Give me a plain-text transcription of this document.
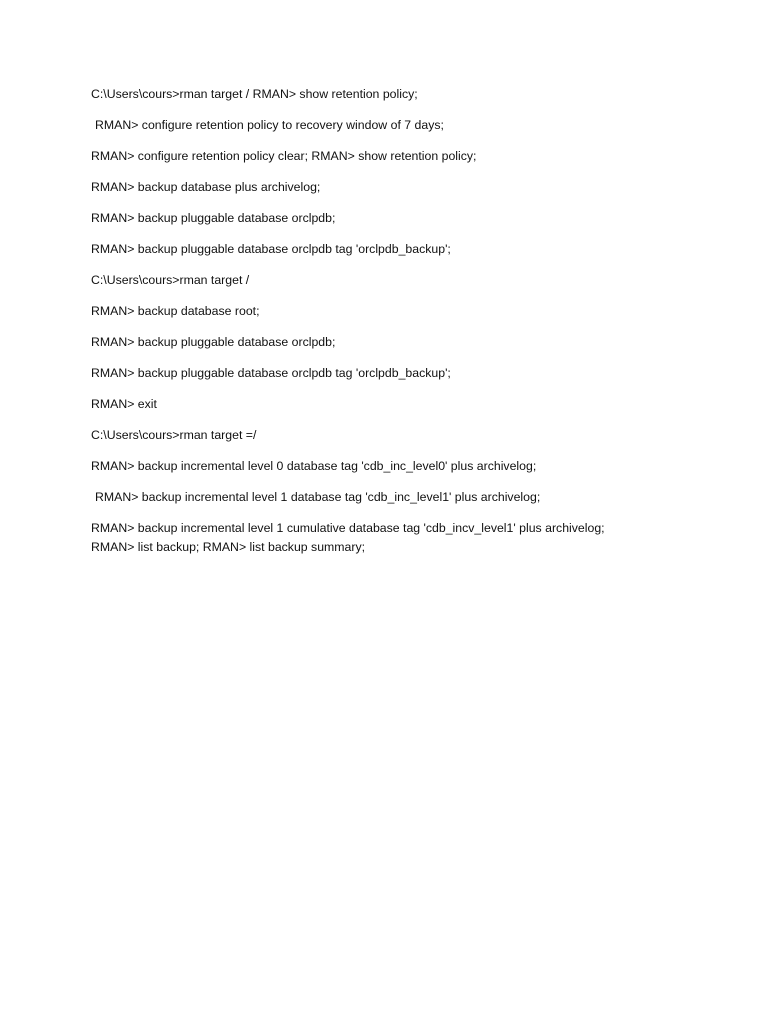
C:\Users\cours>rman target / RMAN> show retention policy;

RMAN> configure retention policy to recovery window of 7 days;

RMAN> configure retention policy clear; RMAN> show retention policy;

RMAN> backup database plus archivelog;

RMAN> backup pluggable database orclpdb;

RMAN> backup pluggable database orclpdb tag 'orclpdb_backup';

C:\Users\cours>rman target /

RMAN> backup database root;

RMAN> backup pluggable database orclpdb;

RMAN> backup pluggable database orclpdb tag 'orclpdb_backup';

RMAN> exit

C:\Users\cours>rman target =/

RMAN> backup incremental level 0 database tag 'cdb_inc_level0' plus archivelog;

RMAN> backup incremental level 1 database tag 'cdb_inc_level1' plus archivelog;

RMAN> backup incremental level 1 cumulative database tag 'cdb_incv_level1' plus archivelog;

RMAN> list backup; RMAN> list backup summary;
